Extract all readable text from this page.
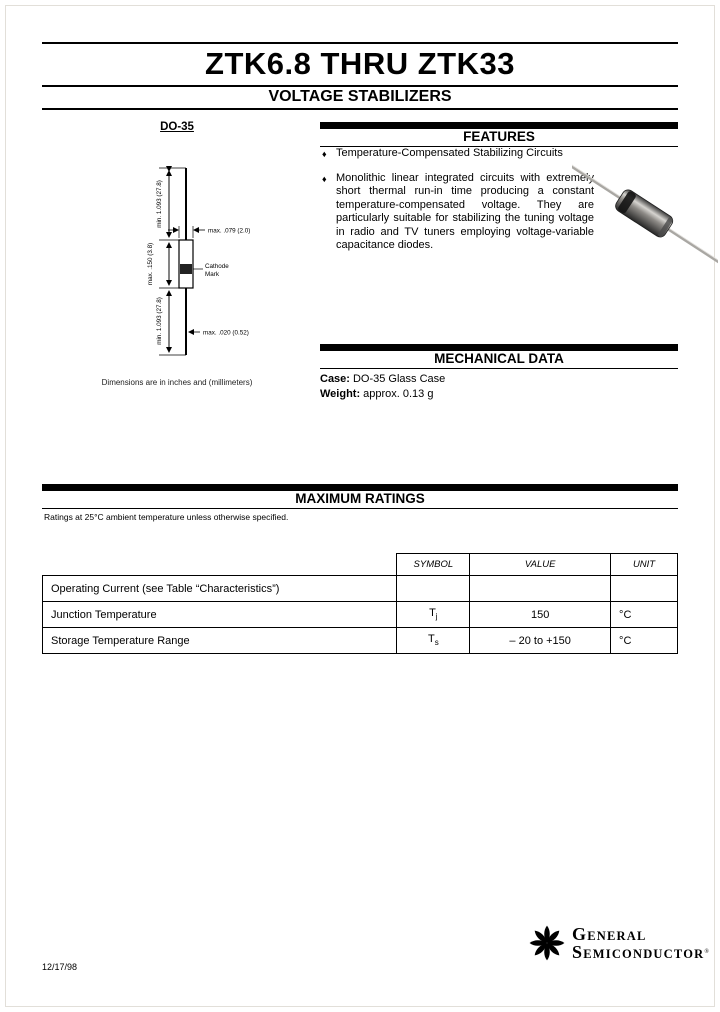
ZTK6.8 THRU ZTK33
VOLTAGE STABILIZERS
DO-35
min. 1.093 (27.8)
max. .150 (3.8)
min. 1.093 (27.8)
max. .079 (2.0)
Cathode
Mark
max. .020 (0.52)
Dimensions are in inches and (millimeters)
FEATURES
♦ Temperature-Compensated Stabilizing Circuits
♦ Monolithic linear integrated circuits with extremely short thermal run-in time producing a constant temperature-compensated voltage. They are particularly suitable for stabilizing the tuning voltage in radio and TV tuners employing voltage-variable capacitance diodes.
MECHANICAL DATA
Case: DO-35 Glass Case
Weight: approx. 0.13 g
MAXIMUM RATINGS
Ratings at 25°C ambient temperature unless otherwise specified.
	SYMBOL	VALUE	UNIT
Operating Current (see Table “Characteristics”)			
Junction Temperature	$T_j$	150	°C
Storage Temperature Range	$T_s$	– 20 to +150	°C
GENERAL
SEMICONDUCTOR®
12/17/98
